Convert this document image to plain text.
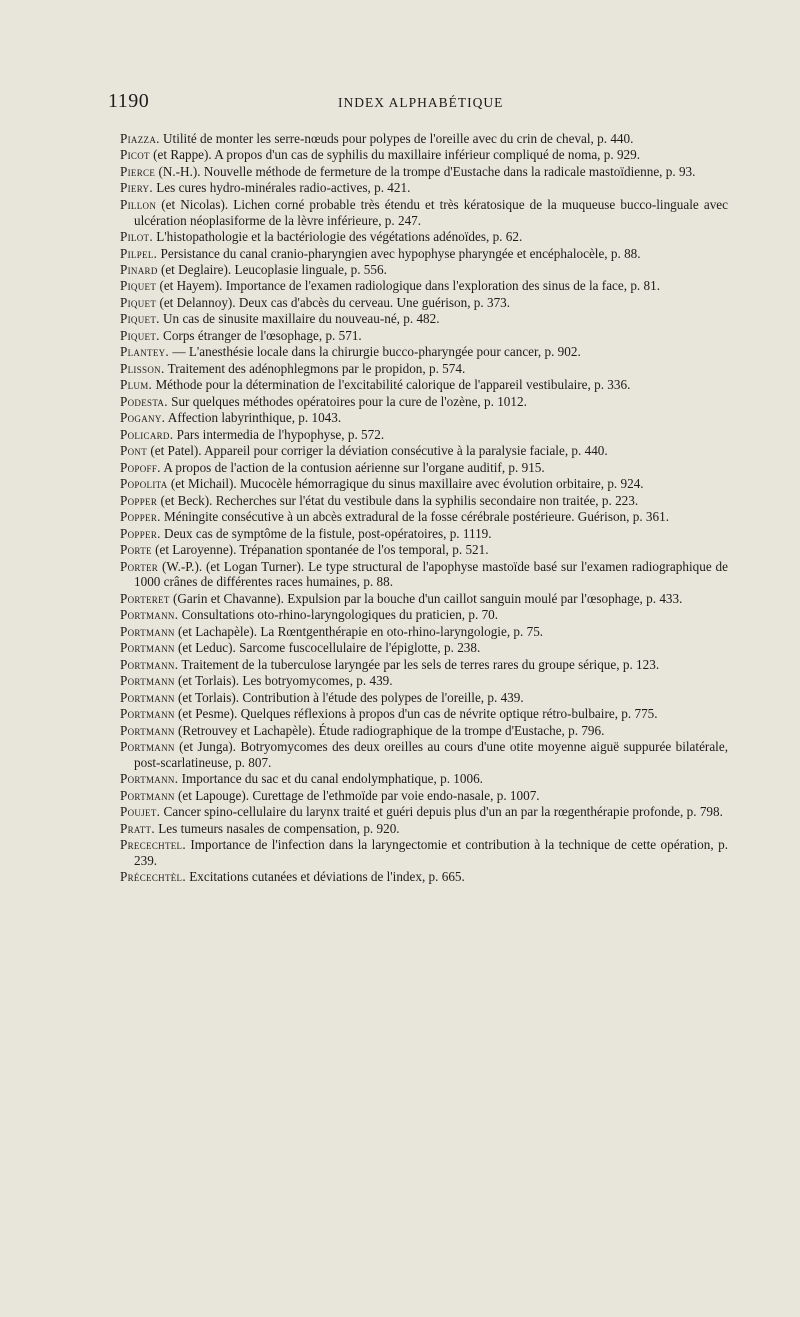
1190	INDEX ALPHABÉTIQUE

Piazza. Utilité de monter les serre-nœuds pour polypes de l'oreille avec du crin de cheval, p. 440.

Picot (et Rappe). A propos d'un cas de syphilis du maxillaire inférieur compliqué de noma, p. 929.

Pierce (N.-H.). Nouvelle méthode de fermeture de la trompe d'Eustache dans la radicale mastoïdienne, p. 93.

Piery. Les cures hydro-minérales radio-actives, p. 421.

Pillon (et Nicolas). Lichen corné probable très étendu et très kératosique de la muqueuse bucco-linguale avec ulcération néoplasiforme de la lèvre inférieure, p. 247.

Pilot. L'histopathologie et la bactériologie des végétations adénoïdes, p. 62.

Pilpel. Persistance du canal cranio-pharyngien avec hypophyse pharyngée et encéphalocèle, p. 88.

Pinard (et Deglaire). Leucoplasie linguale, p. 556.

Piquet (et Hayem). Importance de l'examen radiologique dans l'exploration des sinus de la face, p. 81.

Piquet (et Delannoy). Deux cas d'abcès du cerveau. Une guérison, p. 373.

Piquet. Un cas de sinusite maxillaire du nouveau-né, p. 482.

Piquet. Corps étranger de l'œsophage, p. 571.

Plantey. — L'anesthésie locale dans la chirurgie bucco-pharyngée pour cancer, p. 902.

Plisson. Traitement des adénophlegmons par le propidon, p. 574.

Plum. Méthode pour la détermination de l'excitabilité calorique de l'appareil vestibulaire, p. 336.

Podesta. Sur quelques méthodes opératoires pour la cure de l'ozène, p. 1012.

Pogany. Affection labyrinthique, p. 1043.

Policard. Pars intermedia de l'hypophyse, p. 572.

Pont (et Patel). Appareil pour corriger la déviation consécutive à la paralysie faciale, p. 440.

Popoff. A propos de l'action de la contusion aérienne sur l'organe auditif, p. 915.

Popolita (et Michail). Mucocèle hémorragique du sinus maxillaire avec évolution orbitaire, p. 924.

Popper (et Beck). Recherches sur l'état du vestibule dans la syphilis secondaire non traitée, p. 223.

Popper. Méningite consécutive à un abcès extradural de la fosse cérébrale postérieure. Guérison, p. 361.

Popper. Deux cas de symptôme de la fistule, post-opératoires, p. 1119.

Porte (et Laroyenne). Trépanation spontanée de l'os temporal, p. 521.

Porter (W.-P.). (et Logan Turner). Le type structural de l'apophyse mastoïde basé sur l'examen radiographique de 1000 crânes de différentes races humaines, p. 88.

Porteret (Garin et Chavanne). Expulsion par la bouche d'un caillot sanguin moulé par l'œsophage, p. 433.

Portmann. Consultations oto-rhino-laryngologiques du praticien, p. 70.

Portmann (et Lachapèle). La Rœntgenthérapie en oto-rhino-laryngologie, p. 75.

Portmann (et Leduc). Sarcome fuscocellulaire de l'épiglotte, p. 238.

Portmann. Traitement de la tuberculose laryngée par les sels de terres rares du groupe sérique, p. 123.

Portmann (et Torlais). Les botryomycomes, p. 439.

Portmann (et Torlais). Contribution à l'étude des polypes de l'oreille, p. 439.

Portmann (et Pesme). Quelques réflexions à propos d'un cas de névrite optique rétro-bulbaire, p. 775.

Portmann (Retrouvey et Lachapèle). Étude radiographique de la trompe d'Eustache, p. 796.

Portmann (et Junga). Botryomycomes des deux oreilles au cours d'une otite moyenne aiguë suppurée bilatérale, post-scarlatineuse, p. 807.

Portmann. Importance du sac et du canal endolymphatique, p. 1006.

Portmann (et Lapouge). Curettage de l'ethmoïde par voie endo-nasale, p. 1007.

Poujet. Cancer spino-cellulaire du larynx traité et guéri depuis plus d'un an par la rœgenthérapie profonde, p. 798.

Pratt. Les tumeurs nasales de compensation, p. 920.

Precechtel. Importance de l'infection dans la laryngectomie et contribution à la technique de cette opération, p. 239.

Précechtèl. Excitations cutanées et déviations de l'index, p. 665.
